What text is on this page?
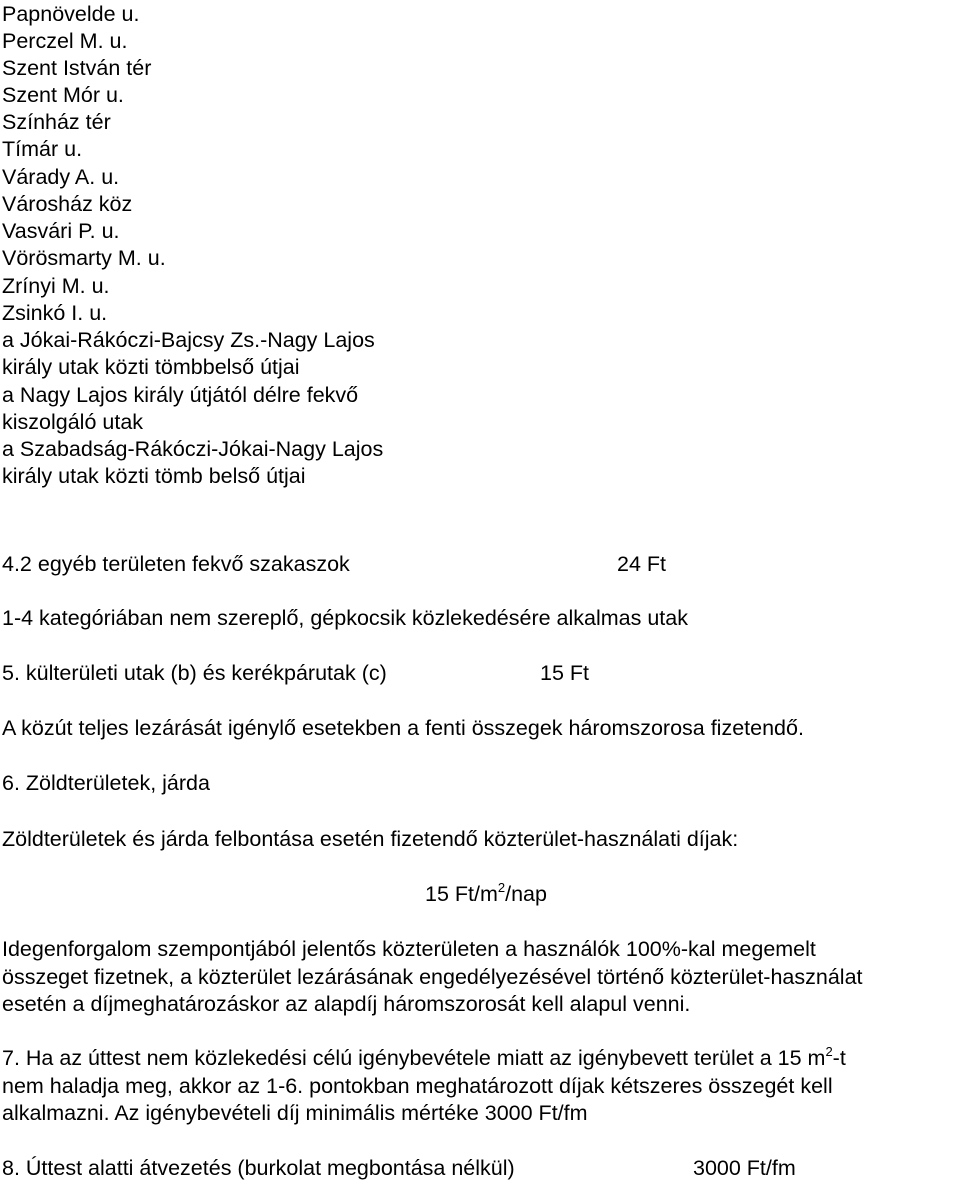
Papnövelde u.
Perczel M. u.
Szent István tér
Szent Mór u.
Színház tér
Tímár u.
Várady A. u.
Városház köz
Vasvári P. u.
Vörösmarty M. u.
Zrínyi M. u.
Zsinkó I. u.
a Jókai-Rákóczi-Bajcsy Zs.-Nagy Lajos
király utak közti tömbbelső útjai
a Nagy Lajos király útjától délre fekvő
kiszolgáló utak
a Szabadság-Rákóczi-Jókai-Nagy Lajos
király utak közti tömb belső útjai
4.2 egyéb területen fekvő szakaszok	24 Ft
1-4 kategóriában nem szereplő, gépkocsik közlekedésére alkalmas utak
5. külterületi utak (b) és kerékpárutak (c)	15 Ft
A közút teljes lezárását igénylő esetekben a fenti összegek háromszorosa fizetendő.
6. Zöldterületek, járda
Zöldterületek és járda felbontása esetén fizetendő közterület-használati díjak:
15 $Ft/m^2$/nap
Idegenforgalom szempontjából jelentős közterületen a használók 100%-kal megemelt
összeget fizetnek, a közterület lezárásának engedélyezésével történő közterület-használat
esetén a díjmeghatározáskor az alapdíj háromszorosát kell alapul venni.
7. Ha az úttest nem közlekedési célú igénybevétele miatt az igénybevett terület a 15 $m^2-t$
nem haladja meg, akkor az 1-6. pontokban meghatározott díjak kétszeres összegét kell
alkalmazni. Az igénybevételi díj minimális mértéke 3000 Ft/fm
8. Úttest alatti átvezetés (burkolat megbontása nélkül)	3000 Ft/fm
